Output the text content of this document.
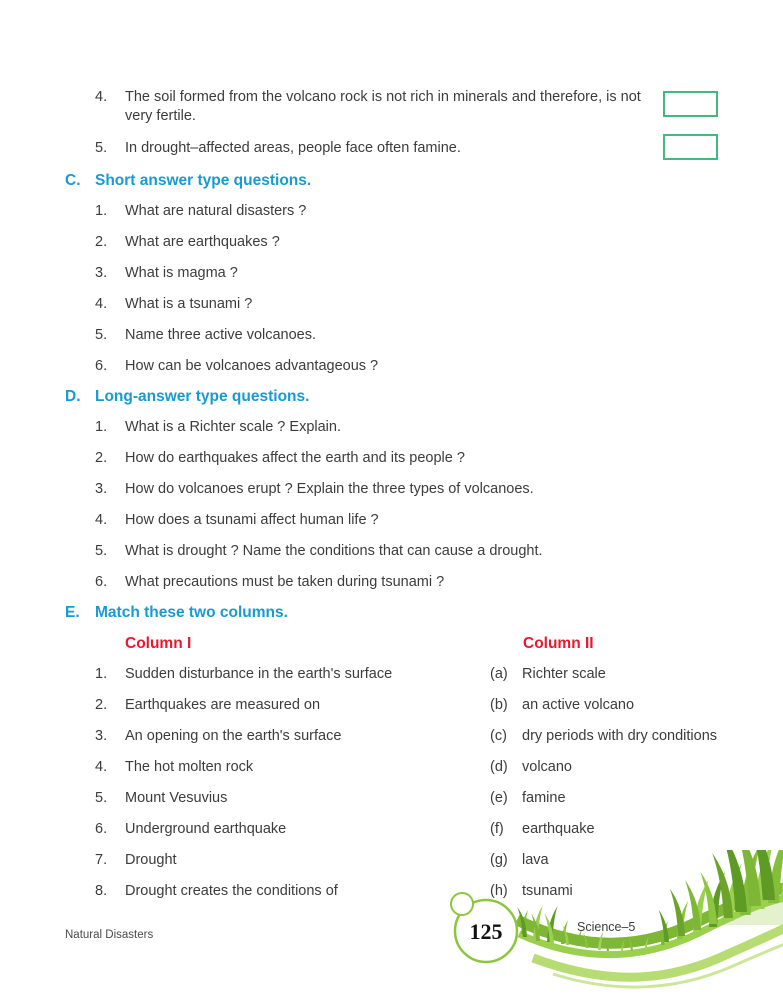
4.	The soil formed from the volcano rock is not rich in minerals and therefore, is not very fertile.
5.	In drought–affected areas, people face often famine.
C. Short answer type questions.
1.	What are natural disasters ?
2.	What are earthquakes ?
3.	What is magma ?
4.	What is a tsunami ?
5.	Name three active volcanoes.
6.	How can be volcanoes advantageous ?
D. Long-answer type questions.
1.	What is a Richter scale ? Explain.
2.	How do earthquakes affect the earth and its people ?
3.	How do volcanoes erupt ? Explain the three types of volcanoes.
4.	How does a tsunami affect human life ?
5.	What is drought ? Name the conditions that can cause a drought.
6.	What precautions must be taken during tsunami ?
E. Match these two columns.
Column I	Column II
1.	Sudden disturbance in the earth's surface	(a) Richter scale
2.	Earthquakes are measured on	(b) an active volcano
3.	An opening on the earth's surface	(c)	dry periods with dry conditions
4.	The hot molten rock	(d) volcano
5.	Mount Vesuvius	(e) famine
6.	Underground earthquake	(f)	earthquake
7.	Drought	(g) lava
8.	Drought creates the conditions of	(h) tsunami
125
Natural Disasters
Science–5
